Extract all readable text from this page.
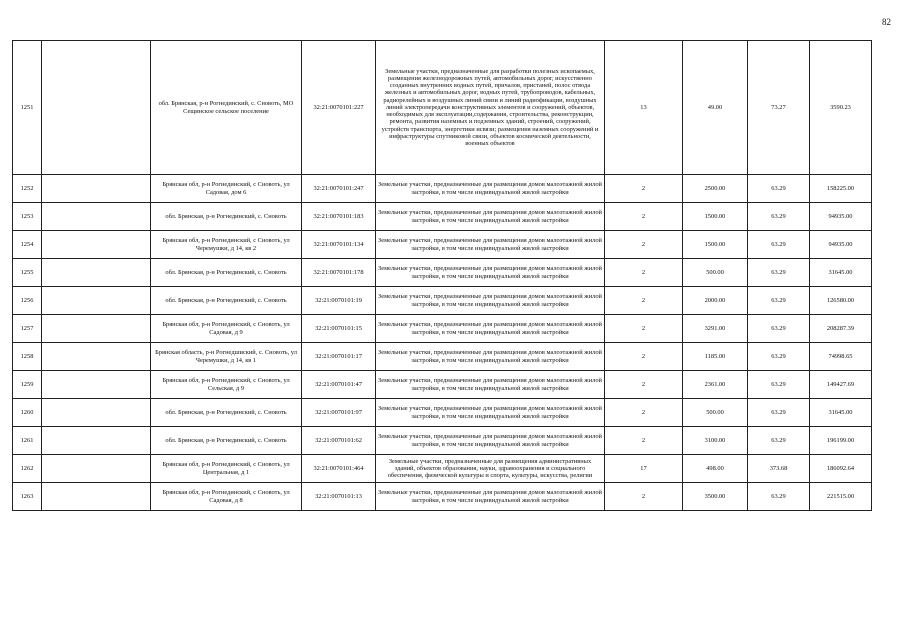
82
1251		обл. Брянская, р-н Рогнединский, с. Сновоть, МО Сещинское сельское поселение	32:21:0070101:227	Земельные участки, предназначенные для разработки полезных ископаемых, размещения железнодорожных путей, автомобильных дорог, искусственно созданных внутренних водных путей, причалов, пристаней, полос отвода железных и автомобильных дорог, водных путей, трубопроводов, кабельных, радиорелейных и воздушных линий связи и линий радиофикации, воздушных линий электропередачи конструктивных элементов и сооружений, объектов, необходимых для эксплуатации,содержания, строительства, реконструкции, ремонта, развития наземных и подземных зданий, строений, сооружений, устройств транспорта, энергетики исвязи; размещения наземных сооружений и инфраструктуры спутниковой связи, объектов космической деятельности, военных объектов	13	49.00	73.27	3590.23
1252		Брянская обл, р-н Рогнединский, с Сновоть, ул Садовая, дом 6	32:21:0070101:247	Земельные участки, предназначенные для размещения домов малоэтажной жилой застройки, в том числе индивидуальной жилой застройки	2	2500.00	63.29	158225.00
1253		обл. Брянская, р-н Рогнединский, с. Сновоть	32:21:0070101:183	Земельные участки, предназначенные для размещения домов малоэтажной жилой застройки, в том числе индивидуальной жилой застройки	2	1500.00	63.29	94935.00
1254		Брянская обл, р-н Рогнединский, с Сновоть, ул Черемушки, д 14, кв 2	32:21:0070101:134	Земельные участки, предназначенные для размещения домов малоэтажной жилой застройки, в том числе индивидуальной жилой застройки	2	1500.00	63.29	94935.00
1255		обл. Брянская, р-н Рогнединский, с. Сновоть	32:21:0070101:178	Земельные участки, предназначенные для размещения домов малоэтажной жилой застройки, в том числе индивидуальной жилой застройки	2	500.00	63.29	31645.00
1256		обл. Брянская, р-н Рогнединский, с. Сновоть	32:21:0070101:19	Земельные участки, предназначенные для размещения домов малоэтажной жилой застройки, в том числе индивидуальной жилой застройки	2	2000.00	63.29	126580.00
1257		Брянская обл, р-н Рогнединский, с Сновоть, ул Садовая, д 9	32:21:0070101:15	Земельные участки, предназначенные для размещения домов малоэтажной жилой застройки, в том числе индивидуальной жилой застройки	2	3291.00	63.29	208287.39
1258		Брянская область, р-н Рогнедшиский, с. Сновоть, ул Черемушки, д 14, кв 1	32:21:0070101:17	Земельные участки, предназначенные для размещения домов малоэтажной жилой застройки, в том числе индивидуальной жилой застройки	2	1185.00	63.29	74998.65
1259		Брянская обл, р-н Рогнединский, с Сновоть, ул Сельская, д 9	32:21:0070101:47	Земельные участки, предназначенные для размещения домов малоэтажной жилой застройки, в том числе индивидуальной жилой застройки	2	2361.00	63.29	149427.69
1260		обл. Брянская, р-н Рогнединский, с. Сновоть	32:21:0070101:97	Земельные участки, предназначенные для размещения домов малоэтажной жилой застройки, в том числе индивидуальной жилой застройки	2	500.00	63.29	31645.00
1261		обл. Брянская, р-н Рогнединский, с. Сновоть	32:21:0070101:62	Земельные участки, предназначенные для размещения домов малоэтажной жилой застройки, в том числе индивидуальной жилой застройки	2	3100.00	63.29	196199.00
1262		Брянская обл, р-н Рогнединский, с Сновоть, ул Центральная, д 1	32:21:0070101:464	Земельные участки, предназначенные для размещения административных зданий, объектов образования, науки, здравоохранения и социального обеспечения, физической культуры и спорта, культуры, искусства, религии	17	498.00	373.68	186092.64
1263		Брянская обл, р-н Рогнединский, с Сновоть, ул Садовая, д 8	32:21:0070101:13	Земельные участки, предназначенные для размещения домов малоэтажной жилой застройки, в том числе индивидуальной жилой застройки	2	3500.00	63.29	221515.00
